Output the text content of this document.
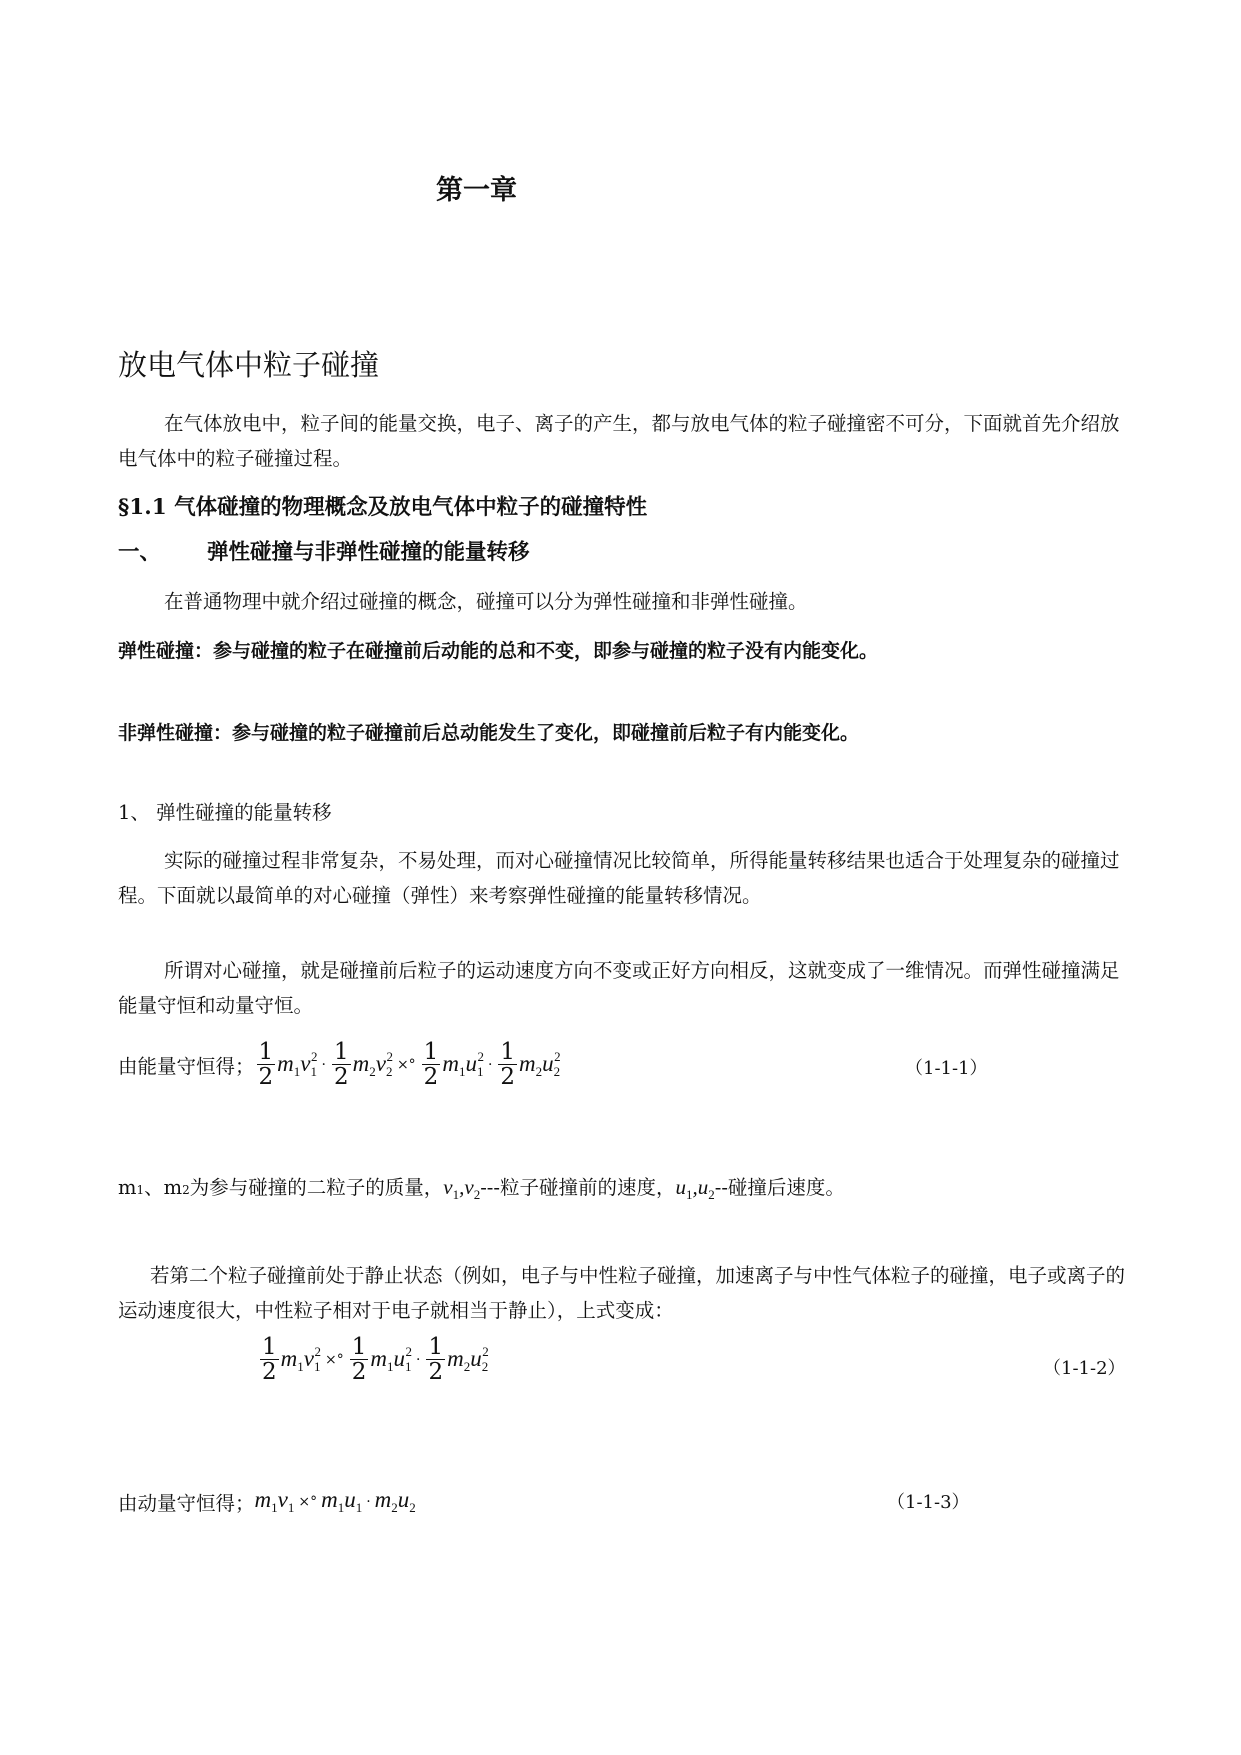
第一章
放电气体中粒子碰撞
在气体放电中，粒子间的能量交换，电子、离子的产生，都与放电气体的粒子碰撞密不可分，下面就首先介绍放电气体中的粒子碰撞过程。
§1.1 气体碰撞的物理概念及放电气体中粒子的碰撞特性
一、 弹性碰撞与非弹性碰撞的能量转移
在普通物理中就介绍过碰撞的概念，碰撞可以分为弹性碰撞和非弹性碰撞。
弹性碰撞：参与碰撞的粒子在碰撞前后动能的总和不变，即参与碰撞的粒子没有内能变化。
非弹性碰撞：参与碰撞的粒子碰撞前后总动能发生了变化，即碰撞前后粒子有内能变化。
1、 弹性碰撞的能量转移
实际的碰撞过程非常复杂，不易处理，而对心碰撞情况比较简单，所得能量转移结果也适合于处理复杂的碰撞过程。下面就以最简单的对心碰撞（弹性）来考察弹性碰撞的能量转移情况。
所谓对心碰撞，就是碰撞前后粒子的运动速度方向不变或正好方向相反，这就变成了一维情况。而弹性碰撞满足能量守恒和动量守恒。
由能量守恒得； $\frac{1}{2} m_1v_1^2 \cdot \frac{1}{2} m_2v_2^2$ ×° $\frac{1}{2} m_1u_1^2 \cdot \frac{1}{2} m_2u_2^2$
（1-1-1）
m 1 、m 2 为参与碰撞的二粒子的质量， $v_1,v_2$ ---粒子碰撞前的速度， $u_1,u_2$ --碰撞后速度。
若第二个粒子碰撞前处于静止状态（例如，电子与中性粒子碰撞，加速离子与中性气体粒子的碰撞，电子或离子的运动速度很大，中性粒子相对于电子就相当于静止），上式变成：
$\frac{1}{2} m_1v_1^2$ ×° $\frac{1}{2} m_1u_1^2 \cdot \frac{1}{2} m_2u_2^2$
（1-1-2）
由动量守恒得； $m_1v_1$ ×° $m_1u_1 \cdot m_2u_2$	（1-1-3）
